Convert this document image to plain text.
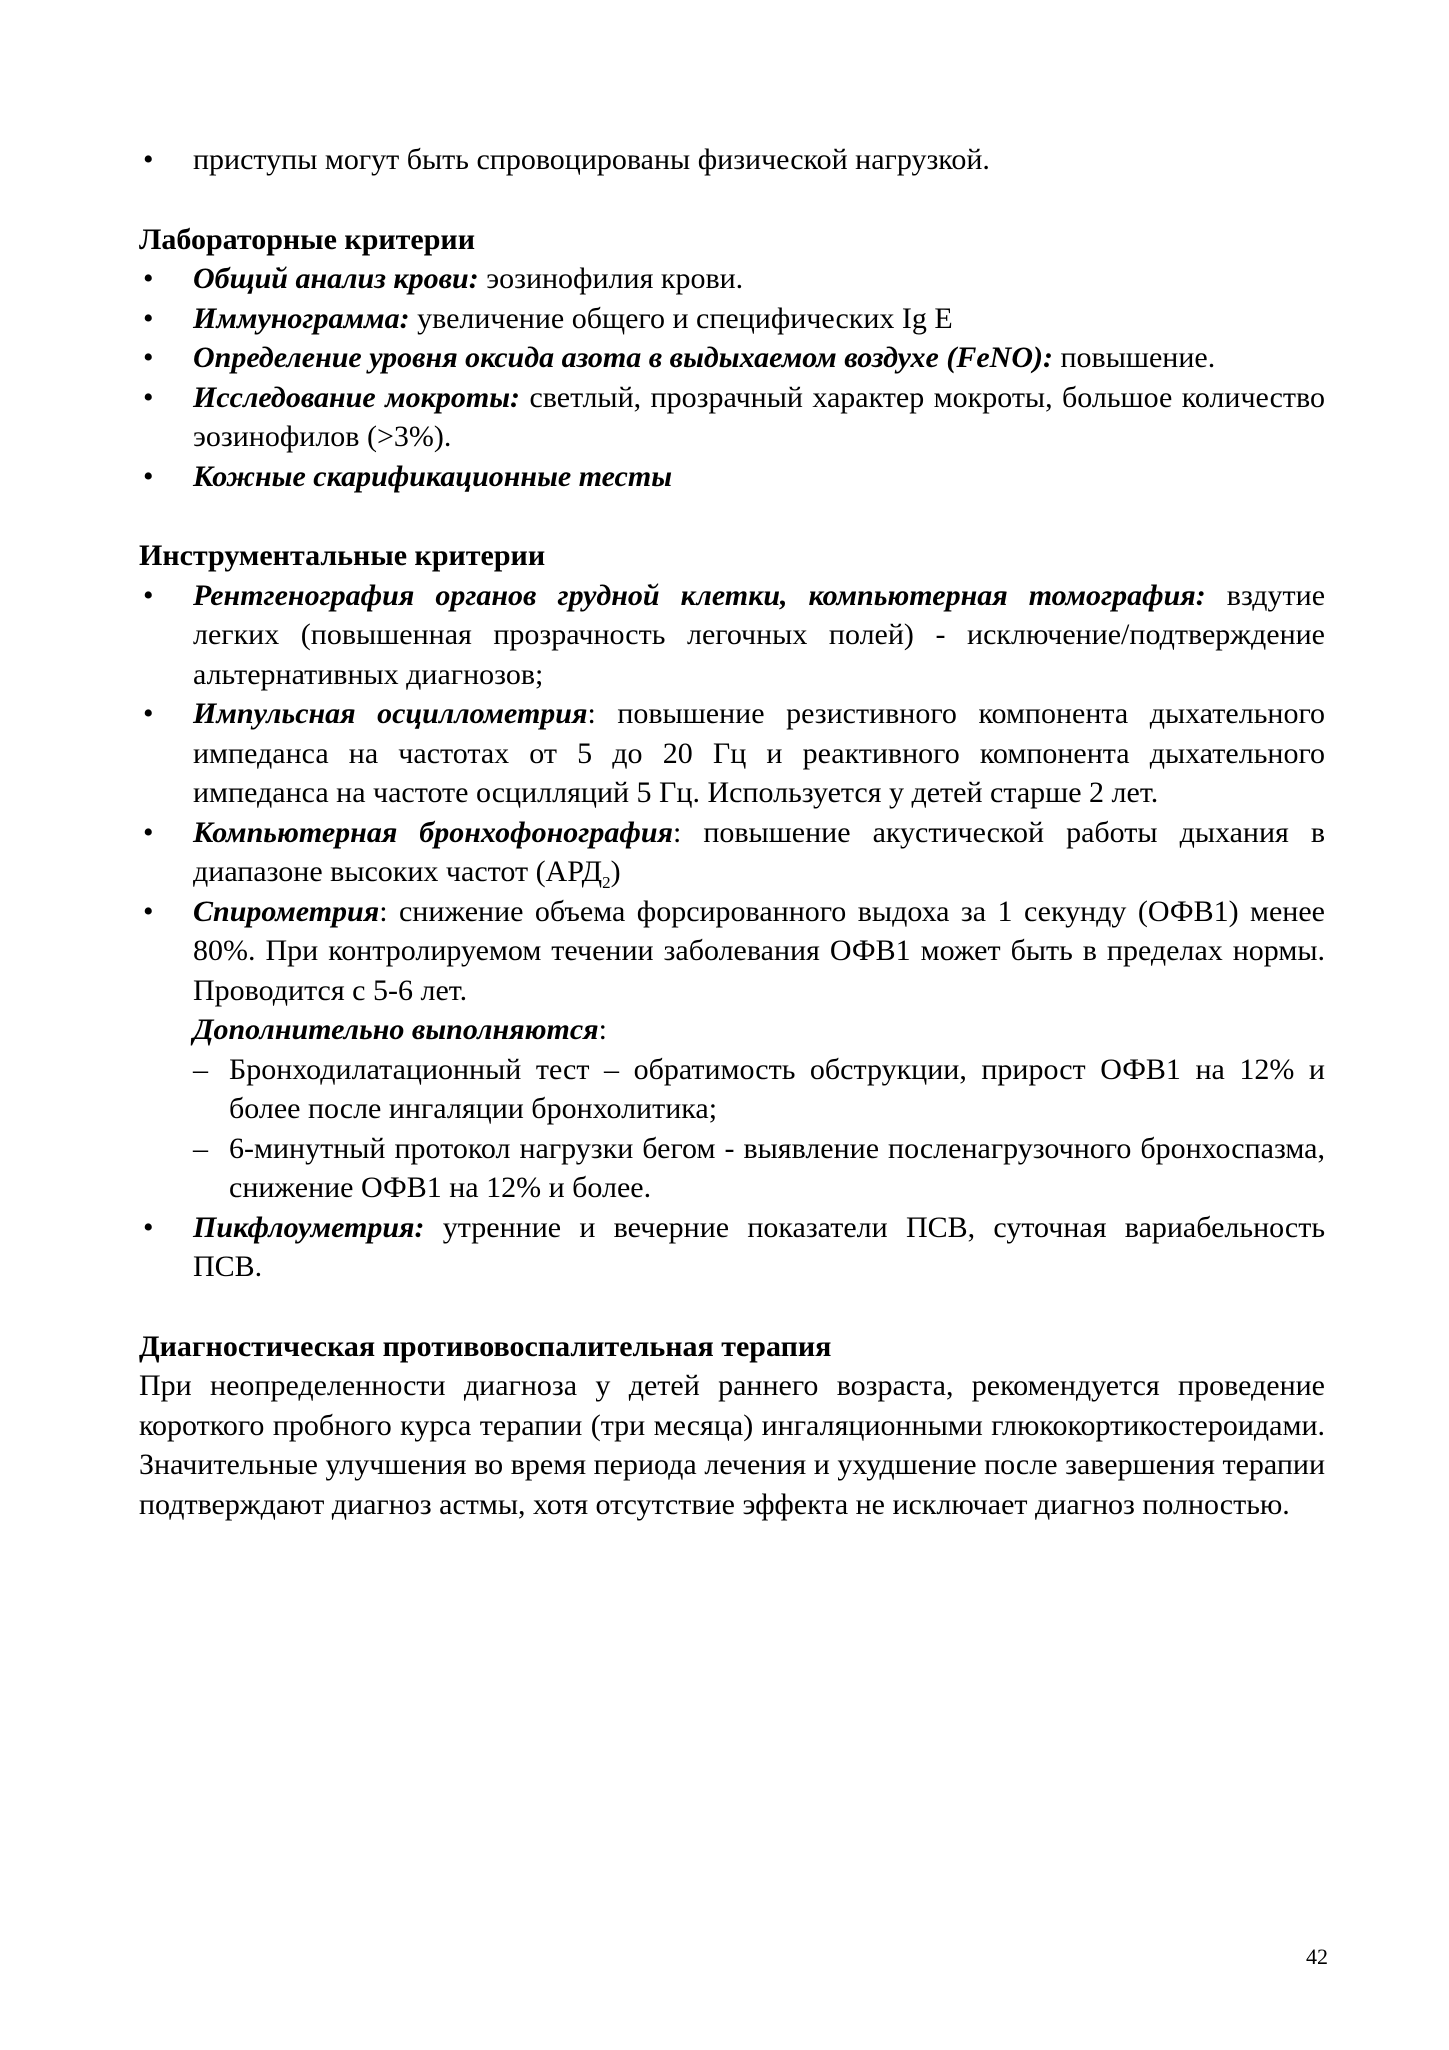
• приступы могут быть спровоцированы физической нагрузкой.
Лабораторные критерии
• Общий анализ крови: эозинофилия крови.
• Иммунограмма: увеличение общего и специфических Ig E
• Определение уровня оксида азота в выдыхаемом воздухе (FeNO): повышение.
• Исследование мокроты: светлый, прозрачный характер мокроты, большое количество эозинофилов (>3%).
• Кожные скарификационные тесты
Инструментальные критерии
• Рентгенография органов грудной клетки, компьютерная томография: вздутие легких (повышенная прозрачность легочных полей) - исключение/подтверждение альтернативных диагнозов;
• Импульсная осциллометрия: повышение резистивного компонента дыхательного импеданса на частотах от 5 до 20 Гц и реактивного компонента дыхательного импеданса на частоте осцилляций 5 Гц. Используется у детей старше 2 лет.
• Компьютерная бронхофонография: повышение акустической работы дыхания в диапазоне высоких частот $(АРД_2)$
• Спирометрия: снижение объема форсированного выдоха за 1 секунду (ОФВ1) менее 80%. При контролируемом течении заболевания ОФВ1 может быть в пределах нормы. Проводится с 5-6 лет.
Дополнительно выполняются:
– Бронходилатационный тест – обратимость обструкции, прирост ОФВ1 на 12% и более после ингаляции бронхолитика;
– 6-минутный протокол нагрузки бегом - выявление посленагрузочного бронхоспазма, снижение ОФВ1 на 12% и более.
• Пикфлоуметрия: утренние и вечерние показатели ПСВ, суточная вариабельность ПСВ.
Диагностическая противовоспалительная терапия
При неопределенности диагноза у детей раннего возраста, рекомендуется проведение короткого пробного курса терапии (три месяца) ингаляционными глюкокортикостероидами. Значительные улучшения во время периода лечения и ухудшение после завершения терапии подтверждают диагноз астмы, хотя отсутствие эффекта не исключает диагноз полностью.
42
